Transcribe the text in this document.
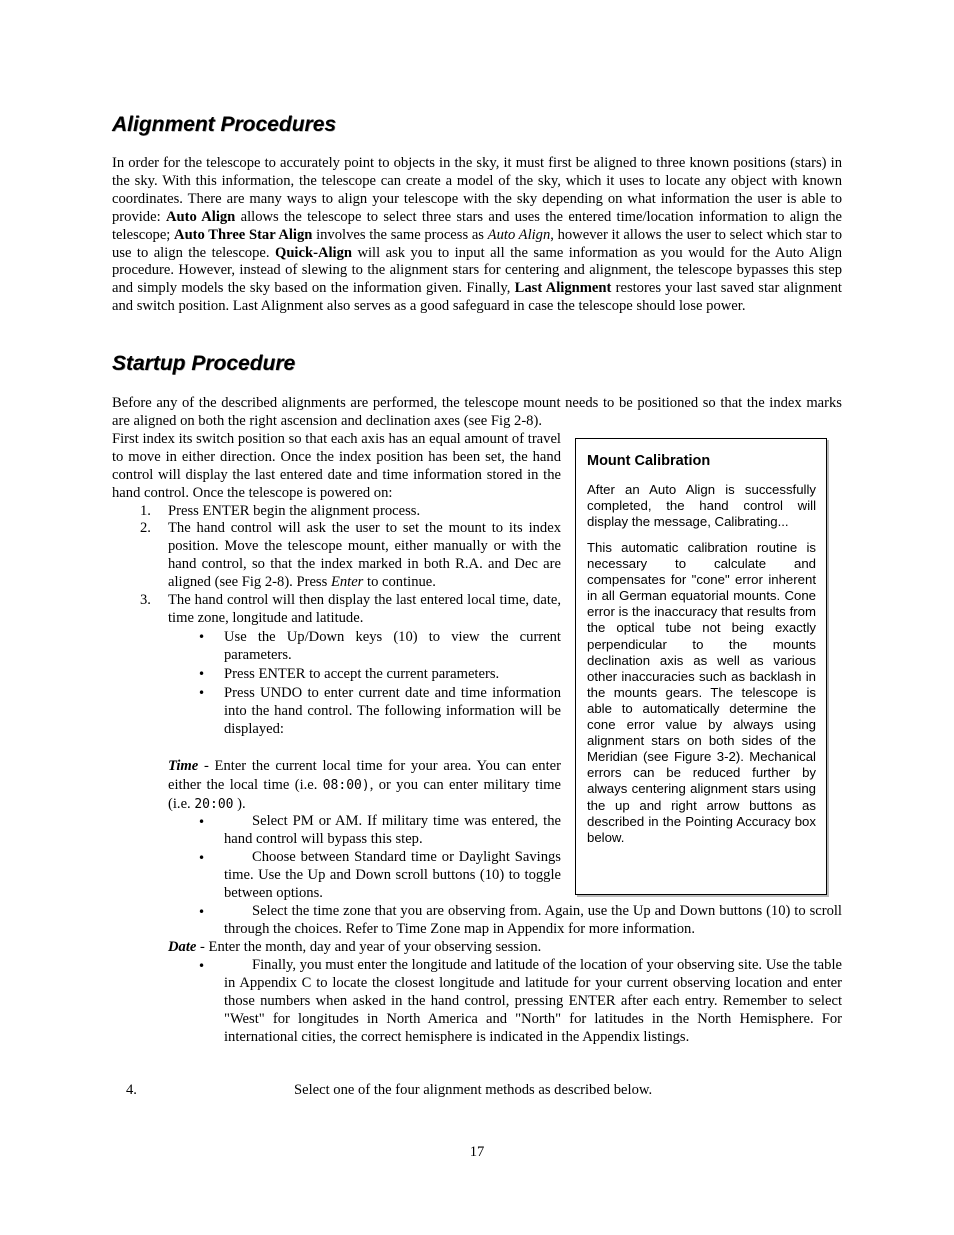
Alignment Procedures

In order for the telescope to accurately point to objects in the sky, it must first be aligned to three known positions (stars) in the sky. With this information, the telescope can create a model of the sky, which it uses to locate any object with known coordinates. There are many ways to align your telescope with the sky depending on what information the user is able to provide: Auto Align allows the telescope to select three stars and uses the entered time/location information to align the telescope; Auto Three Star Align involves the same process as Auto Align, however it allows the user to select which star to use to align the telescope. Quick-Align will ask you to input all the same information as you would for the Auto Align procedure. However, instead of slewing to the alignment stars for centering and alignment, the telescope bypasses this step and simply models the sky based on the information given. Finally, Last Alignment restores your last saved star alignment and switch position. Last Alignment also serves as a good safeguard in case the telescope should lose power.

Startup Procedure

Before any of the described alignments are performed, the telescope mount needs to be positioned so that the index marks are aligned on both the right ascension and declination axes (see Fig 2-8).

First index its switch position so that each axis has an equal amount of travel to move in either direction. Once the index position has been set, the hand control will display the last entered date and time information stored in the hand control. Once the telescope is powered on:

1. Press ENTER begin the alignment process.

2. The hand control will ask the user to set the mount to its index position. Move the telescope mount, either manually or with the hand control, so that the index marked in both R.A. and Dec are aligned (see Fig 2-8). Press Enter to continue.

3. The hand control will then display the last entered local time, date, time zone, longitude and latitude.

• Use the Up/Down keys (10) to view the current parameters.

• Press ENTER to accept the current parameters.

• Press UNDO to enter current date and time information into the hand control. The following information will be displayed:

Time - Enter the current local time for your area. You can enter either the local time (i.e. 08:00), or you can enter military time (i.e. 20:00 ).

•	Select PM or AM. If military time was entered, the hand control will bypass this step.

•	Choose between Standard time or Daylight Savings time. Use the Up and Down scroll buttons (10) to toggle between options.

•	Select the time zone that you are observing from. Again, use the Up and Down buttons (10) to scroll through the choices. Refer to Time Zone map in Appendix for more information.

Date - Enter the month, day and year of your observing session.

•	Finally, you must enter the longitude and latitude of the location of your observing site. Use the table in Appendix C to locate the closest longitude and latitude for your current observing location and enter those numbers when asked in the hand control, pressing ENTER after each entry. Remember to select "West" for longitudes in North America and "North" for latitudes in the North Hemisphere. For international cities, the correct hemisphere is indicated in the Appendix listings.

4.	Select one of the four alignment methods as described below.

Mount Calibration

After an Auto Align is successfully completed, the hand control will display the message, Calibrating...

This automatic calibration routine is necessary to calculate and compensates for "cone" error inherent in all German equatorial mounts. Cone error is the inaccuracy that results from the optical tube not being exactly perpendicular to the mounts declination axis as well as various other inaccuracies such as backlash in the mounts gears. The telescope is able to automatically determine the cone error value by always using alignment stars on both sides of the Meridian (see Figure 3-2). Mechanical errors can be reduced further by always centering alignment stars using the up and right arrow buttons as described in the Pointing Accuracy box below.

17
